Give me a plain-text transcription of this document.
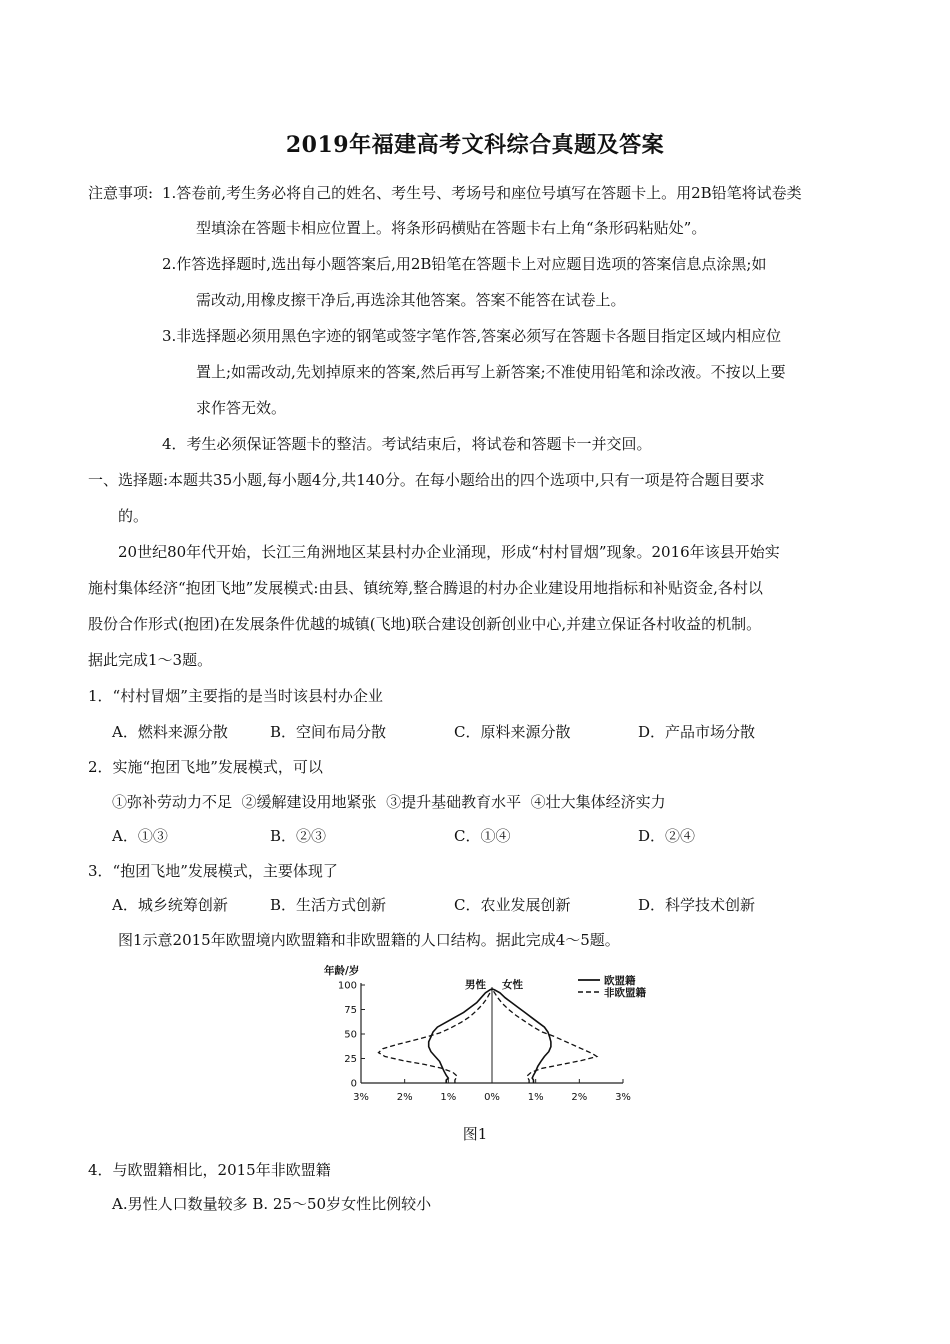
2019年福建高考文科综合真题及答案
注意事项: 1.答卷前,考生务必将自己的姓名、考生号、考场号和座位号填写在答题卡上。用2B铅笔将试卷类
型填涂在答题卡相应位置上。将条形码横贴在答题卡右上角“条形码粘贴处”。
2.作答选择题时,选出每小题答案后,用2B铅笔在答题卡上对应题目选项的答案信息点涂黑;如
需改动,用橡皮擦干净后,再选涂其他答案。答案不能答在试卷上。
3.非选择题必须用黑色字迹的钢笔或签字笔作答,答案必须写在答题卡各题目指定区域内相应位
置上;如需改动,先划掉原来的答案,然后再写上新答案;不准使用铅笔和涂改液。不按以上要
求作答无效。
4．考生必须保证答题卡的整洁。考试结束后，将试卷和答题卡一并交回。
一、选择题:本题共35小题,每小题4分,共140分。在每小题给出的四个选项中,只有一项是符合题目要求
的。
20世纪80年代开始，长江三角洲地区某县村办企业涌现，形成“村村冒烟”现象。2016年该县开始实
施村集体经济“抱团飞地”发展模式:由县、镇统筹,整合腾退的村办企业建设用地指标和补贴资金,各村以
股份合作形式(抱团)在发展条件优越的城镇(飞地)联合建设创新创业中心,并建立保证各村收益的机制。
据此完成1～3题。
1．“村村冒烟”主要指的是当时该县村办企业
A．燃料来源分散	B．空间布局分散	C．原料来源分散	D．产品市场分散
2．实施“抱团飞地”发展模式，可以
①弥补劳动力不足  ②缓解建设用地紧张  ③提升基础教育水平  ④壮大集体经济实力
A．①③	B．②③	C．①④	D．②④
3．“抱团飞地”发展模式，主要体现了
A．城乡统筹创新	B．生活方式创新	C．农业发展创新	D．科学技术创新
图1示意2015年欧盟境内欧盟籍和非欧盟籍的人口结构。据此完成4～5题。
0
25
50
75
100
3%	2%	1%	0%	1%	2%	3%
年龄/岁
男性 女性	欧盟籍
非欧盟籍
图1
4．与欧盟籍相比，2015年非欧盟籍
A.男性人口数量较多 B. 25～50岁女性比例较小
